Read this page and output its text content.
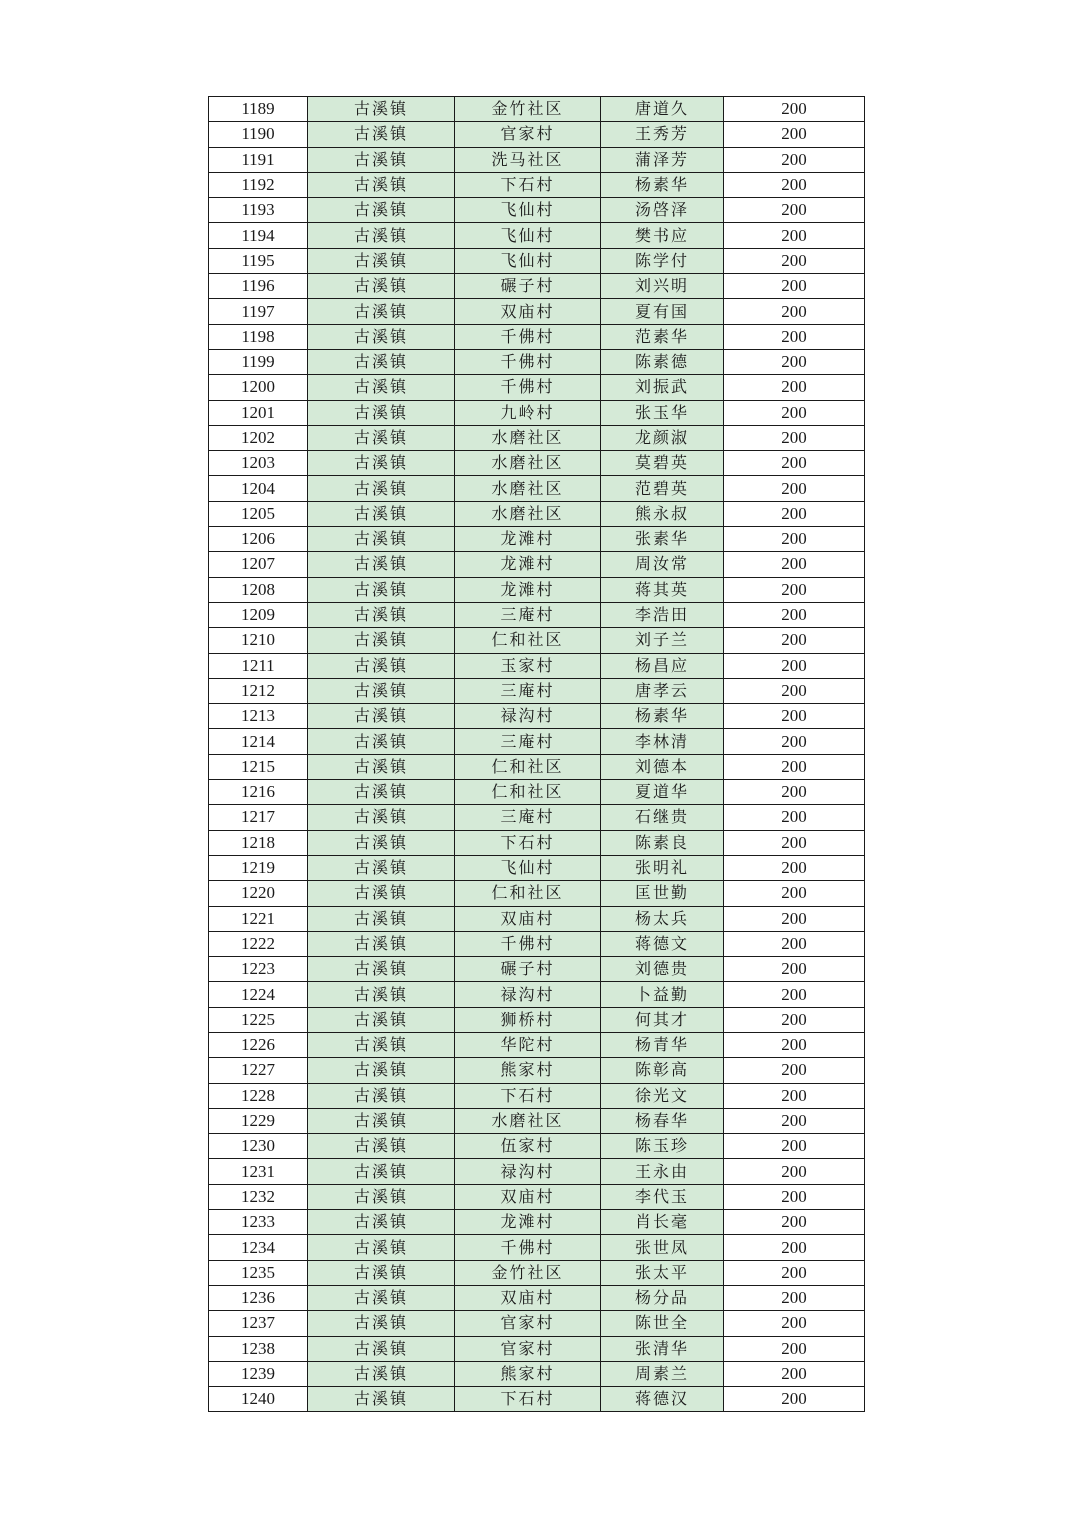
1189	古溪镇	金竹社区	唐道久	200
1190	古溪镇	官家村	王秀芳	200
1191	古溪镇	洗马社区	蒲泽芳	200
1192	古溪镇	下石村	杨素华	200
1193	古溪镇	飞仙村	汤啓泽	200
1194	古溪镇	飞仙村	樊书应	200
1195	古溪镇	飞仙村	陈学付	200
1196	古溪镇	碾子村	刘兴明	200
1197	古溪镇	双庙村	夏有国	200
1198	古溪镇	千佛村	范素华	200
1199	古溪镇	千佛村	陈素德	200
1200	古溪镇	千佛村	刘振武	200
1201	古溪镇	九岭村	张玉华	200
1202	古溪镇	水磨社区	龙颜淑	200
1203	古溪镇	水磨社区	莫碧英	200
1204	古溪镇	水磨社区	范碧英	200
1205	古溪镇	水磨社区	熊永叔	200
1206	古溪镇	龙滩村	张素华	200
1207	古溪镇	龙滩村	周汝常	200
1208	古溪镇	龙滩村	蒋其英	200
1209	古溪镇	三庵村	李浩田	200
1210	古溪镇	仁和社区	刘子兰	200
1211	古溪镇	玉家村	杨昌应	200
1212	古溪镇	三庵村	唐孝云	200
1213	古溪镇	禄沟村	杨素华	200
1214	古溪镇	三庵村	李林清	200
1215	古溪镇	仁和社区	刘德本	200
1216	古溪镇	仁和社区	夏道华	200
1217	古溪镇	三庵村	石继贵	200
1218	古溪镇	下石村	陈素良	200
1219	古溪镇	飞仙村	张明礼	200
1220	古溪镇	仁和社区	匡世勤	200
1221	古溪镇	双庙村	杨太兵	200
1222	古溪镇	千佛村	蒋德文	200
1223	古溪镇	碾子村	刘德贵	200
1224	古溪镇	禄沟村	卜益勤	200
1225	古溪镇	狮桥村	何其才	200
1226	古溪镇	华陀村	杨青华	200
1227	古溪镇	熊家村	陈彰高	200
1228	古溪镇	下石村	徐光文	200
1229	古溪镇	水磨社区	杨春华	200
1230	古溪镇	伍家村	陈玉珍	200
1231	古溪镇	禄沟村	王永由	200
1232	古溪镇	双庙村	李代玉	200
1233	古溪镇	龙滩村	肖长毫	200
1234	古溪镇	千佛村	张世凤	200
1235	古溪镇	金竹社区	张太平	200
1236	古溪镇	双庙村	杨分品	200
1237	古溪镇	官家村	陈世全	200
1238	古溪镇	官家村	张清华	200
1239	古溪镇	熊家村	周素兰	200
1240	古溪镇	下石村	蒋德汉	200
